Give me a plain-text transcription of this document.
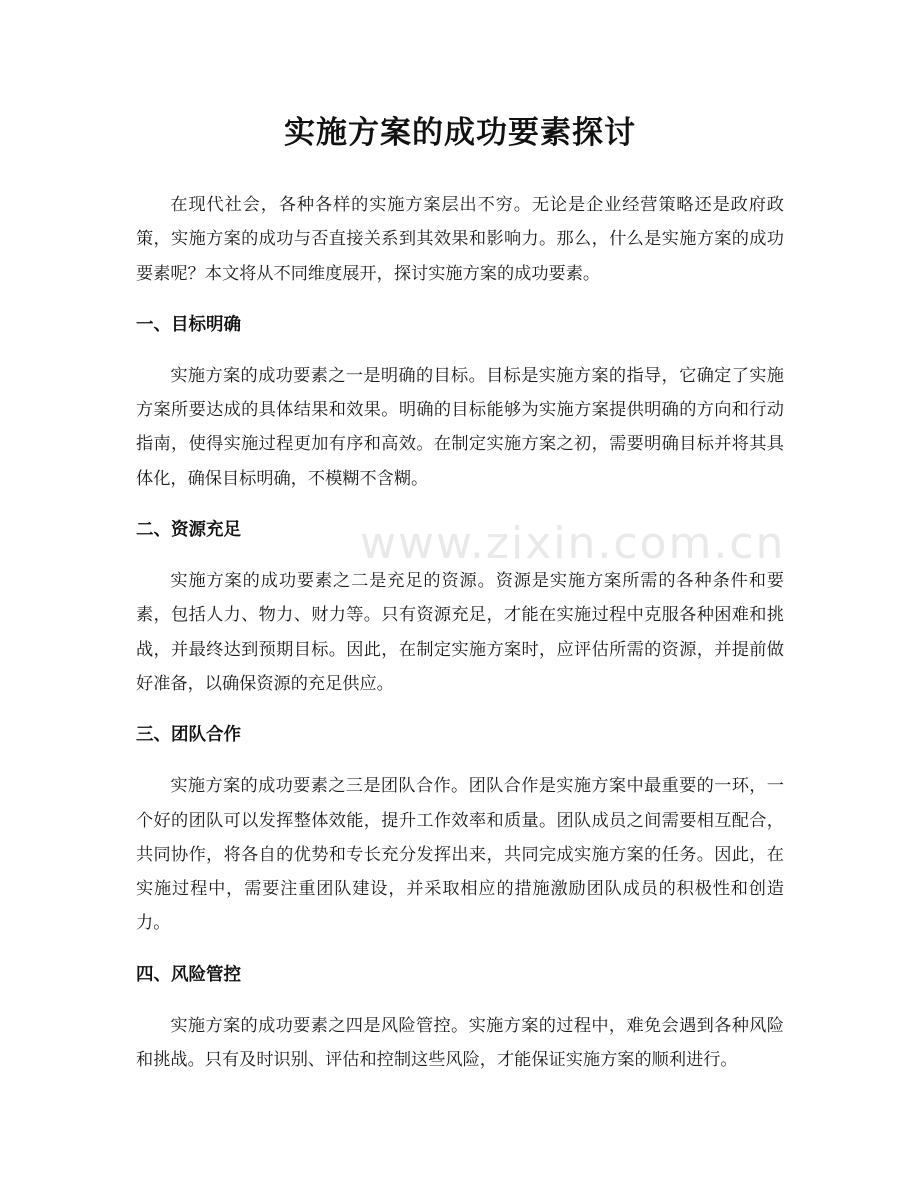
www.zixin.com.cn
实施方案的成功要素探讨

在现代社会，各种各样的实施方案层出不穷。无论是企业经营策略还是政府政策，实施方案的成功与否直接关系到其效果和影响力。那么，什么是实施方案的成功要素呢？本文将从不同维度展开，探讨实施方案的成功要素。

一、目标明确

实施方案的成功要素之一是明确的目标。目标是实施方案的指导，它确定了实施方案所要达成的具体结果和效果。明确的目标能够为实施方案提供明确的方向和行动指南，使得实施过程更加有序和高效。在制定实施方案之初，需要明确目标并将其具体化，确保目标明确，不模糊不含糊。

二、资源充足

实施方案的成功要素之二是充足的资源。资源是实施方案所需的各种条件和要素，包括人力、物力、财力等。只有资源充足，才能在实施过程中克服各种困难和挑战，并最终达到预期目标。因此，在制定实施方案时，应评估所需的资源，并提前做好准备，以确保资源的充足供应。

三、团队合作

实施方案的成功要素之三是团队合作。团队合作是实施方案中最重要的一环，一个好的团队可以发挥整体效能，提升工作效率和质量。团队成员之间需要相互配合，共同协作，将各自的优势和专长充分发挥出来，共同完成实施方案的任务。因此，在实施过程中，需要注重团队建设，并采取相应的措施激励团队成员的积极性和创造力。

四、风险管控

实施方案的成功要素之四是风险管控。实施方案的过程中，难免会遇到各种风险和挑战。只有及时识别、评估和控制这些风险，才能保证实施方案的顺利进行。
